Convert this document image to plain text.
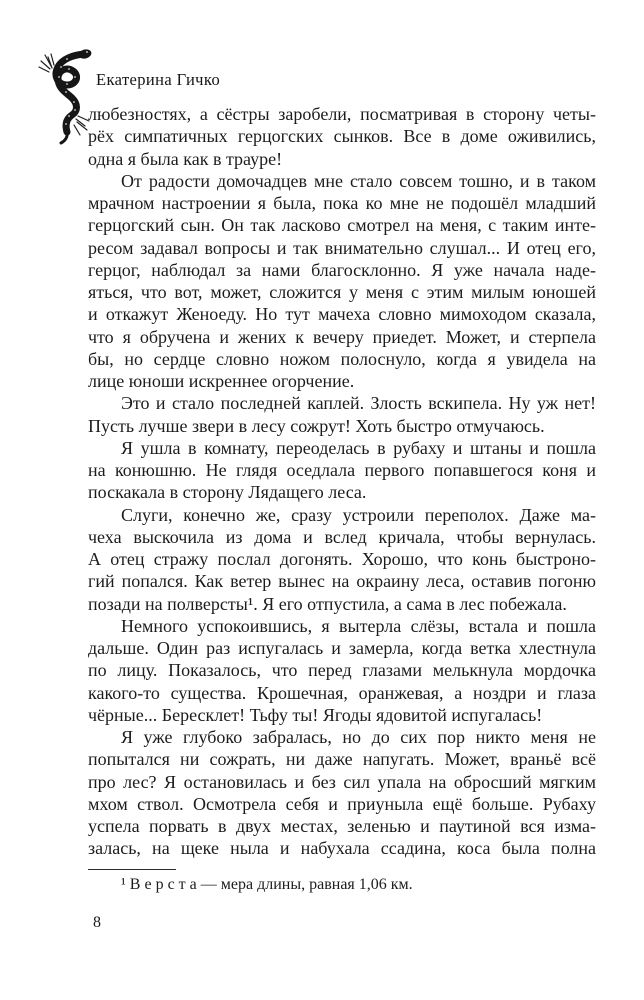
Екатерина Гичко
любезностях, а сёстры заробели, посматривая в сторону четы-
рёх симпатичных герцогских сынков. Все в доме оживились,
одна я была как в трауре!
От радости домочадцев мне стало совсем тошно, и в таком
мрачном настроении я была, пока ко мне не подошёл младший
герцогский сын. Он так ласково смотрел на меня, с таким инте-
ресом задавал вопросы и так внимательно слушал... И отец его,
герцог, наблюдал за нами благосклонно. Я уже начала наде-
яться, что вот, может, сложится у меня с этим милым юношей
и откажут Женоеду. Но тут мачеха словно мимоходом сказала,
что я обручена и жених к вечеру приедет. Может, и стерпела
бы, но сердце словно ножом полоснуло, когда я увидела на
лице юноши искреннее огорчение.
Это и стало последней каплей. Злость вскипела. Ну уж нет!
Пусть лучше звери в лесу сожрут! Хоть быстро отмучаюсь.
Я ушла в комнату, переоделась в рубаху и штаны и пошла
на конюшню. Не глядя оседлала первого попавшегося коня и
поскакала в сторону Лядащего леса.
Слуги, конечно же, сразу устроили переполох. Даже ма-
чеха выскочила из дома и вслед кричала, чтобы вернулась.
А отец стражу послал догонять. Хорошо, что конь быстроно-
гий попался. Как ветер вынес на окраину леса, оставив погоню
позади на полверсты¹. Я его отпустила, а сама в лес побежала.
Немного успокоившись, я вытерла слёзы, встала и пошла
дальше. Один раз испугалась и замерла, когда ветка хлестнула
по лицу. Показалось, что перед глазами мелькнула мордочка
какого-то существа. Крошечная, оранжевая, а ноздри и глаза
чёрные... Бересклет! Тьфу ты! Ягоды ядовитой испугалась!
Я уже глубоко забралась, но до сих пор никто меня не
попытался ни сожрать, ни даже напугать. Может, враньё всё
про лес? Я остановилась и без сил упала на обросший мягким
мхом ствол. Осмотрела себя и приуныла ещё больше. Рубаху
успела порвать в двух местах, зеленью и паутиной вся изма-
залась, на щеке ныла и набухала ссадина, коса была полна
¹ В е р с т а — мера длины, равная 1,06 км.
8
